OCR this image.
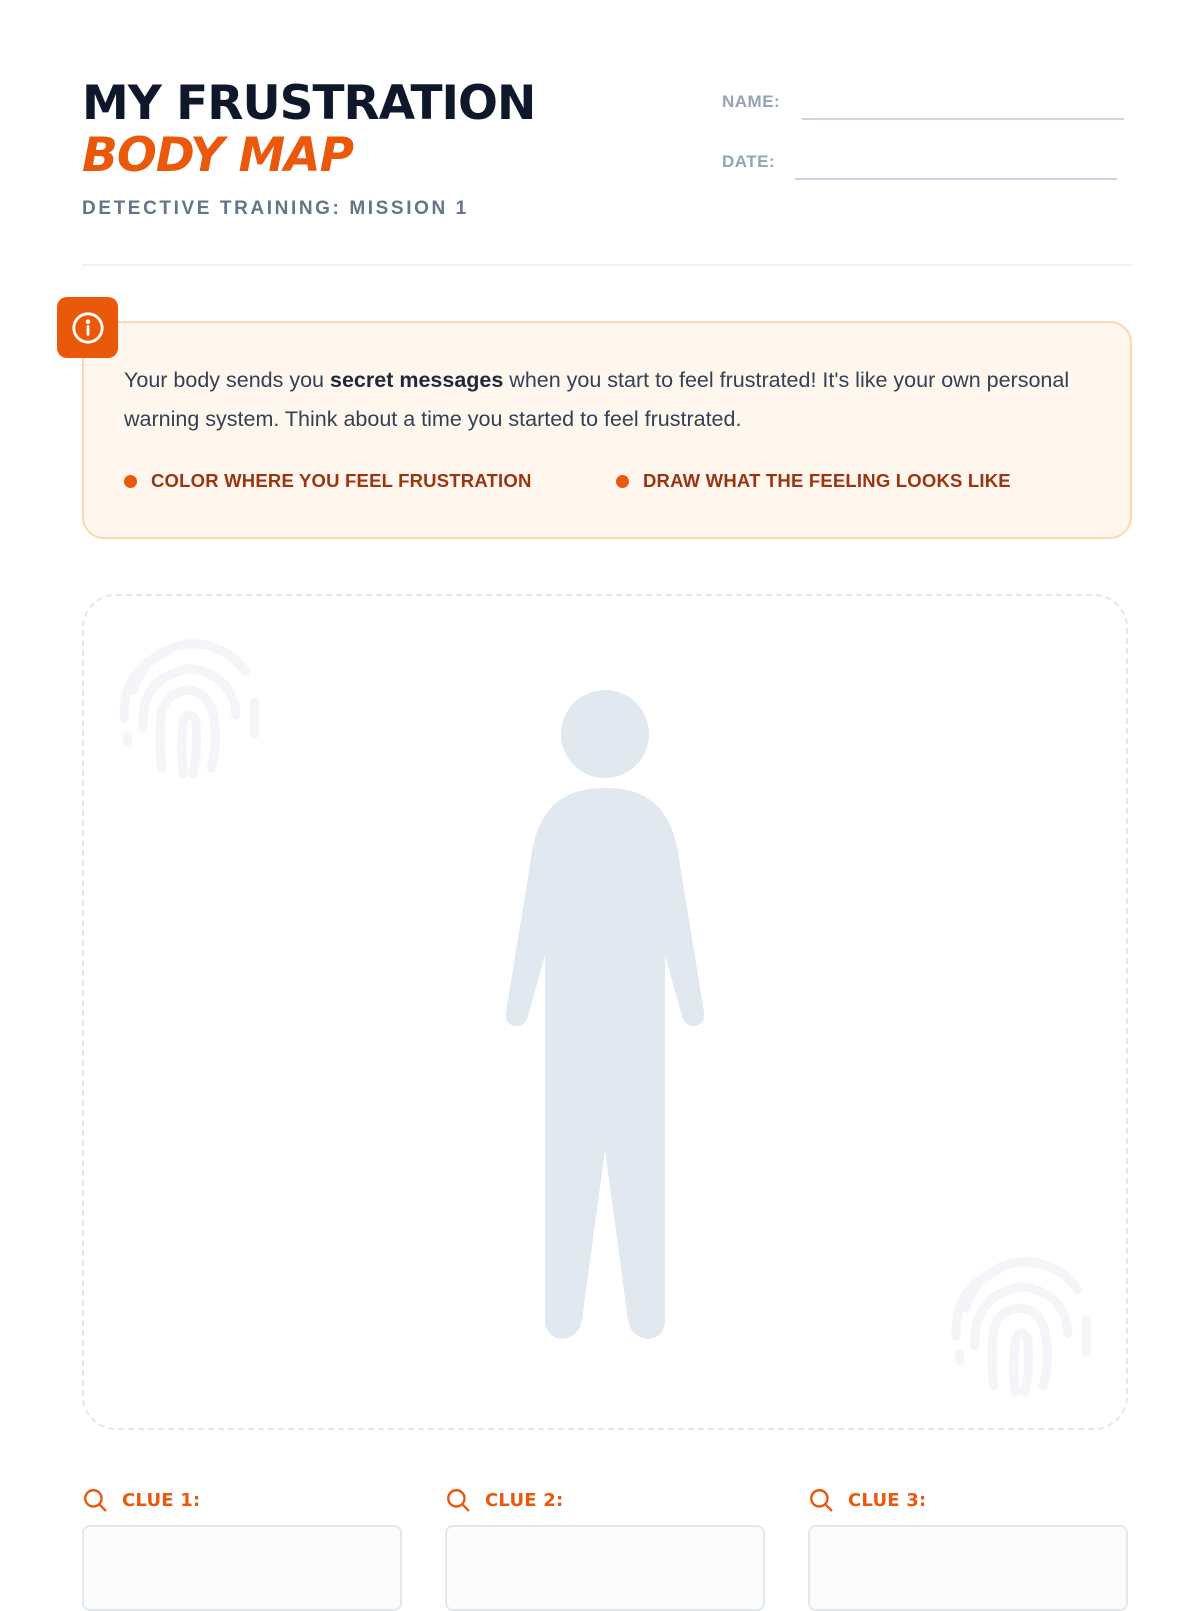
MY FRUSTRATION
BODY MAP
DETECTIVE TRAINING: MISSION 1
NAME:
DATE:
Your body sends you secret messages when you start to feel frustrated! It's like your own personal warning system. Think about a time you started to feel frustrated.
COLOR WHERE YOU FEEL FRUSTRATION	DRAW WHAT THE FEELING LOOKS LIKE
CLUE 1:	CLUE 2:	CLUE 3:
